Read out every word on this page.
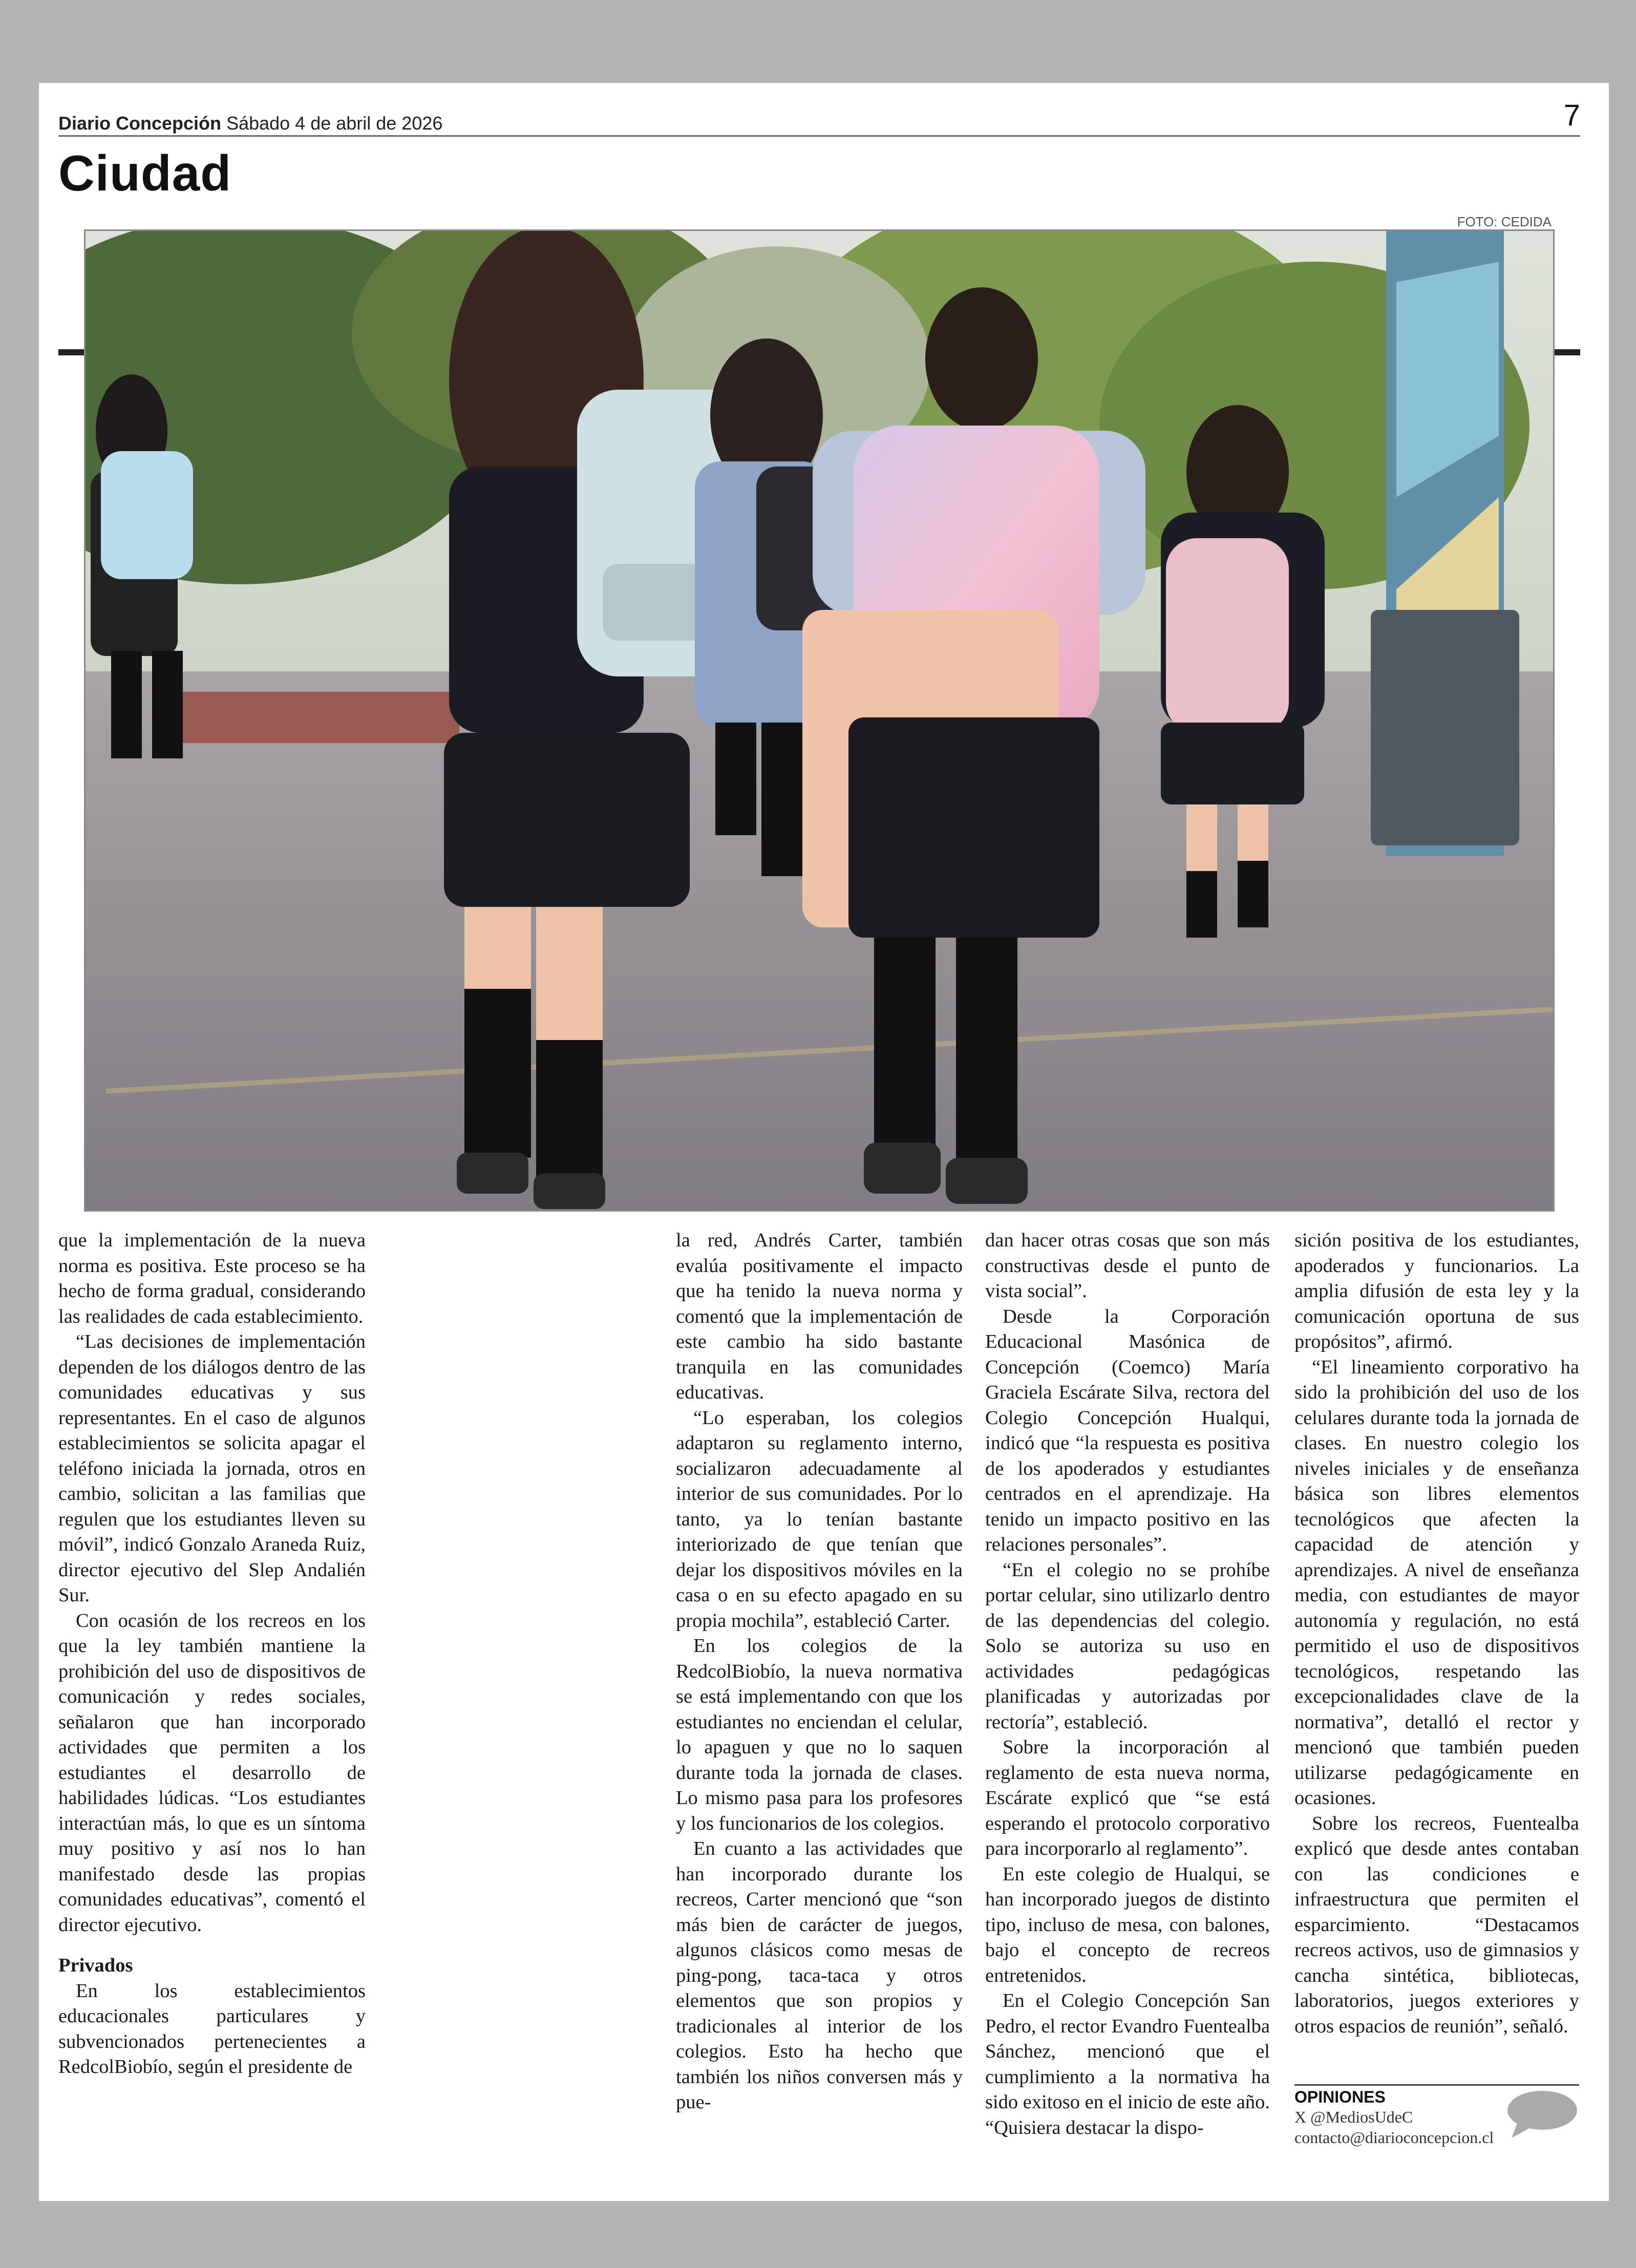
Diario Concepción Sábado 4 de abril de 2026	7
Ciudad
FOTO: CEDIDA

que la implementación de la nueva norma es positiva. Este proceso se ha hecho de forma gradual, considerando las realidades de cada establecimiento.

“Las decisiones de implementación dependen de los diálogos dentro de las comunidades educativas y sus representantes. En el caso de algunos establecimientos se solicita apagar el teléfono iniciada la jornada, otros en cambio, solicitan a las familias que regulen que los estudiantes lleven su móvil”, indicó Gonzalo Araneda Ruiz, director ejecutivo del Slep Andalién Sur.

Con ocasión de los recreos en los que la ley también mantiene la prohibición del uso de dispositivos de comunicación y redes sociales, señalaron que han incorporado actividades que permiten a los estudiantes el desarrollo de habilidades lúdicas. “Los estudiantes interactúan más, lo que es un síntoma muy positivo y así nos lo han manifestado desde las propias comunidades educativas”, comentó el director ejecutivo.

Privados

En los establecimientos educacionales particulares y subvencionados pertenecientes a RedcolBiobío, según el presidente de

la red, Andrés Carter, también evalúa positivamente el impacto que ha tenido la nueva norma y comentó que la implementación de este cambio ha sido bastante tranquila en las comunidades educativas.

“Lo esperaban, los colegios adaptaron su reglamento interno, socializaron adecuadamente al interior de sus comunidades. Por lo tanto, ya lo tenían bastante interiorizado de que tenían que dejar los dispositivos móviles en la casa o en su efecto apagado en su propia mochila”, estableció Carter.

En los colegios de la RedcolBiobío, la nueva normativa se está implementando con que los estudiantes no enciendan el celular, lo apaguen y que no lo saquen durante toda la jornada de clases. Lo mismo pasa para los profesores y los funcionarios de los colegios.

En cuanto a las actividades que han incorporado durante los recreos, Carter mencionó que “son más bien de carácter de juegos, algunos clásicos como mesas de ping-pong, taca-taca y otros elementos que son propios y tradicionales al interior de los colegios. Esto ha hecho que también los niños conversen más y pue-

dan hacer otras cosas que son más constructivas desde el punto de vista social”.

Desde la Corporación Educacional Masónica de Concepción (Coemco) María Graciela Escárate Silva, rectora del Colegio Concepción Hualqui, indicó que “la respuesta es positiva de los apoderados y estudiantes centrados en el aprendizaje. Ha tenido un impacto positivo en las relaciones personales”.

“En el colegio no se prohíbe portar celular, sino utilizarlo dentro de las dependencias del colegio. Solo se autoriza su uso en actividades pedagógicas planificadas y autorizadas por rectoría”, estableció.

Sobre la incorporación al reglamento de esta nueva norma, Escárate explicó que “se está esperando el protocolo corporativo para incorporarlo al reglamento”.

En este colegio de Hualqui, se han incorporado juegos de distinto tipo, incluso de mesa, con balones, bajo el concepto de recreos entretenidos.

En el Colegio Concepción San Pedro, el rector Evandro Fuentealba Sánchez, mencionó que el cumplimiento a la normativa ha sido exitoso en el inicio de este año. “Quisiera destacar la dispo-

sición positiva de los estudiantes, apoderados y funcionarios. La amplia difusión de esta ley y la comunicación oportuna de sus propósitos”, afirmó.

“El lineamiento corporativo ha sido la prohibición del uso de los celulares durante toda la jornada de clases. En nuestro colegio los niveles iniciales y de enseñanza básica son libres elementos tecnológicos que afecten la capacidad de atención y aprendizajes. A nivel de enseñanza media, con estudiantes de mayor autonomía y regulación, no está permitido el uso de dispositivos tecnológicos, respetando las excepcionalidades clave de la normativa”, detalló el rector y mencionó que también pueden utilizarse pedagógicamente en ocasiones.

Sobre los recreos, Fuentealba explicó que desde antes contaban con las condiciones e infraestructura que permiten el esparcimiento. “Destacamos recreos activos, uso de gimnasios y cancha sintética, bibliotecas, laboratorios, juegos exteriores y otros espacios de reunión”, señaló.

OPINIONES
X @MediosUdeC
contacto@diarioconcepcion.cl
